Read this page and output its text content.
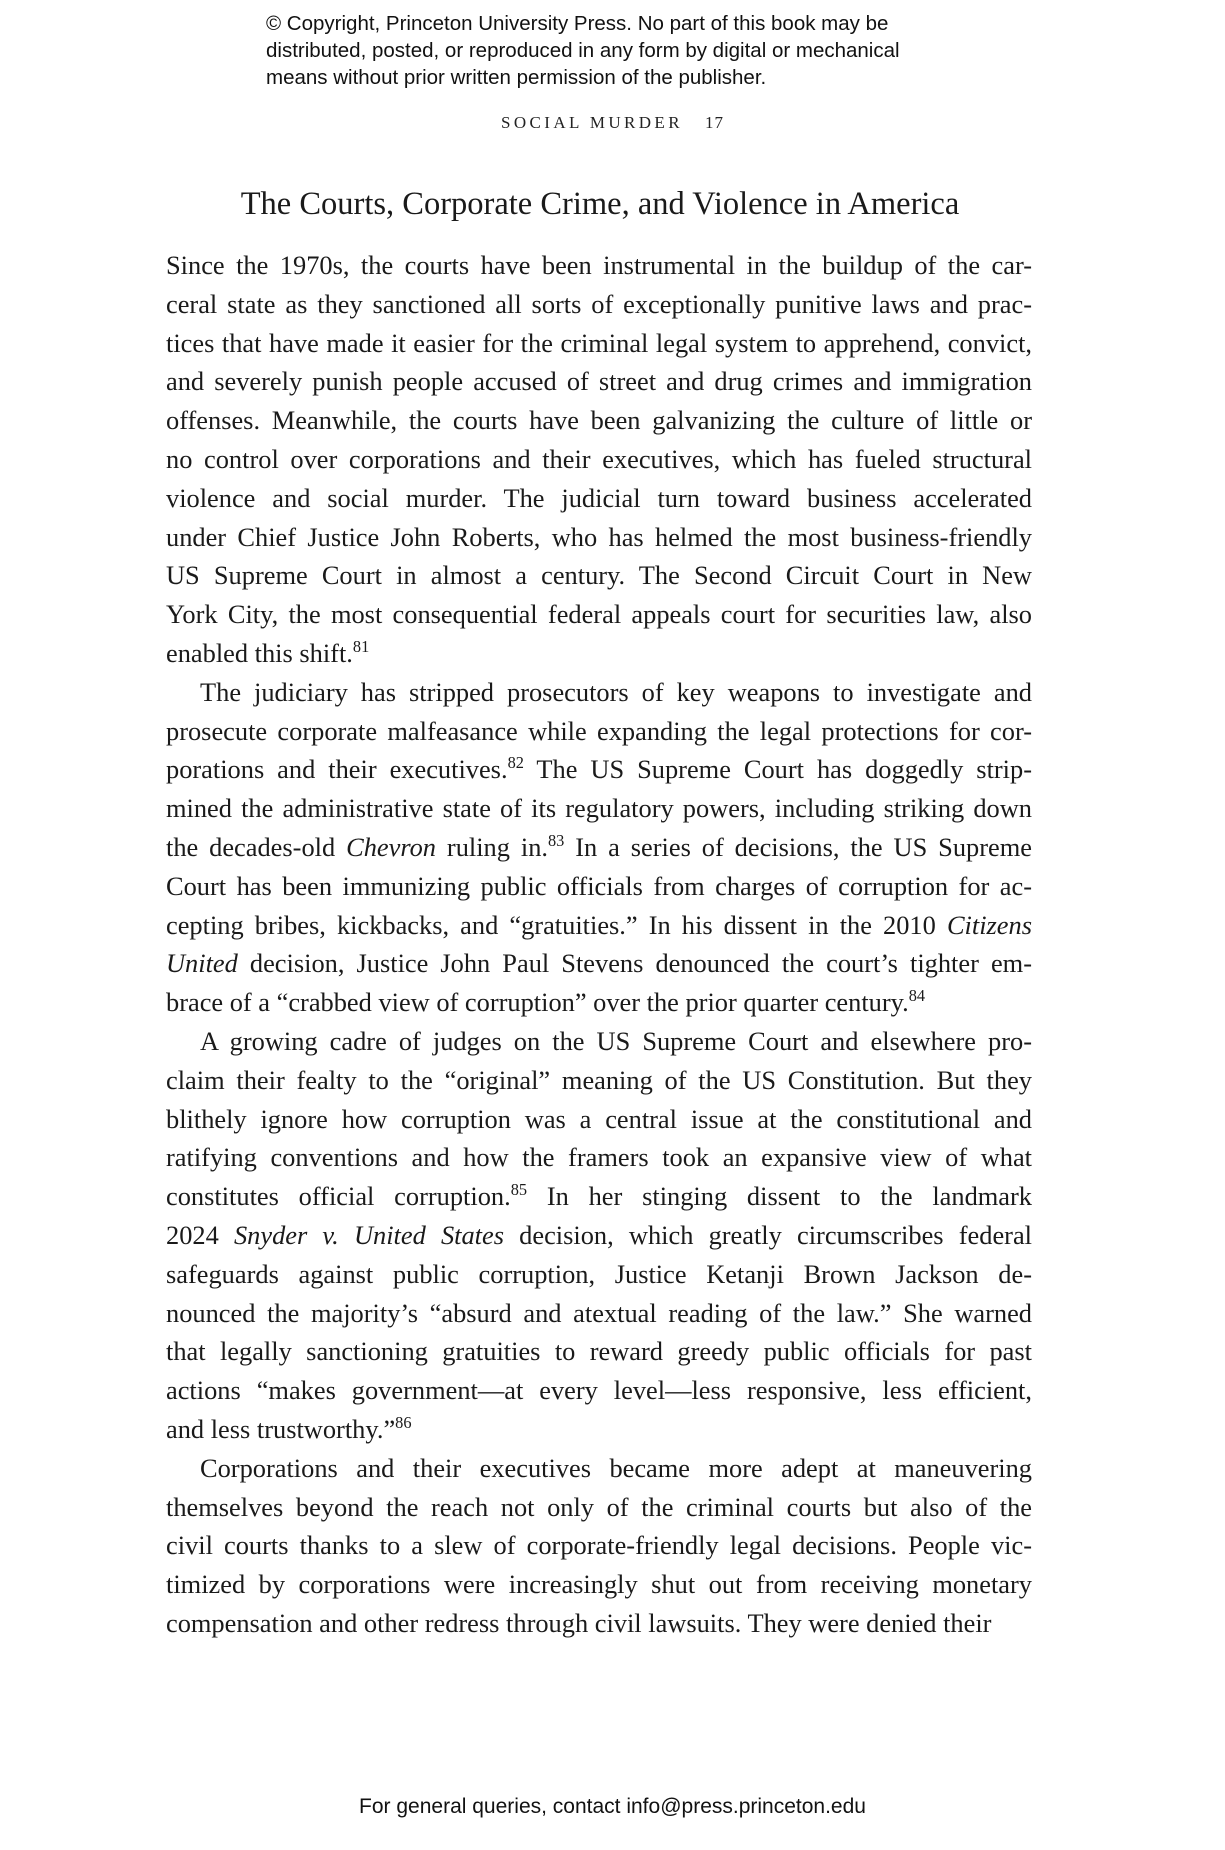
© Copyright, Princeton University Press. No part of this book may be
distributed, posted, or reproduced in any form by digital or mechanical
means without prior written permission of the publisher.
SOCIAL MURDER 17
The Courts, Corporate Crime, and Violence in America
Since the 1970s, the courts have been instrumental in the buildup of the car-
ceral state as they sanctioned all sorts of exceptionally punitive laws and prac-
tices that have made it easier for the criminal legal system to apprehend, convict,
and severely punish people accused of street and drug crimes and immigration
offenses. Meanwhile, the courts have been galvanizing the culture of little or
no control over corporations and their executives, which has fueled structural
violence and social murder. The judicial turn toward business accelerated
under Chief Justice John Roberts, who has helmed the most business-friendly
US Supreme Court in almost a century. The Second Circuit Court in New
York City, the most consequential federal appeals court for securities law, also
enabled this shift.$^{81}$
The judiciary has stripped prosecutors of key weapons to investigate and
prosecute corporate malfeasance while expanding the legal protections for cor-
porations and their executives.$^{82}$ The US Supreme Court has doggedly strip-
mined the administrative state of its regulatory powers, including striking down
the decades-old Chevron ruling in.$^{83}$ In a series of decisions, the US Supreme
Court has been immunizing public officials from charges of corruption for ac-
cepting bribes, kickbacks, and “gratuities.” In his dissent in the 2010 Citizens
United decision, Justice John Paul Stevens denounced the court’s tighter em-
brace of a “crabbed view of corruption” over the prior quarter century.$^{84}$
A growing cadre of judges on the US Supreme Court and elsewhere pro-
claim their fealty to the “original” meaning of the US Constitution. But they
blithely ignore how corruption was a central issue at the constitutional and
ratifying conventions and how the framers took an expansive view of what
constitutes official corruption.$^{85}$ In her stinging dissent to the landmark
2024 Snyder v. United States decision, which greatly circumscribes federal
safeguards against public corruption, Justice Ketanji Brown Jackson de-
nounced the majority’s “absurd and atextual reading of the law.” She warned
that legally sanctioning gratuities to reward greedy public officials for past
actions “makes government—at every level—less responsive, less efficient,
and less trustworthy.”$^{86}$
Corporations and their executives became more adept at maneuvering
themselves beyond the reach not only of the criminal courts but also of the
civil courts thanks to a slew of corporate-friendly legal decisions. People vic-
timized by corporations were increasingly shut out from receiving monetary
compensation and other redress through civil lawsuits. They were denied their
For general queries, contact info@press.princeton.edu
